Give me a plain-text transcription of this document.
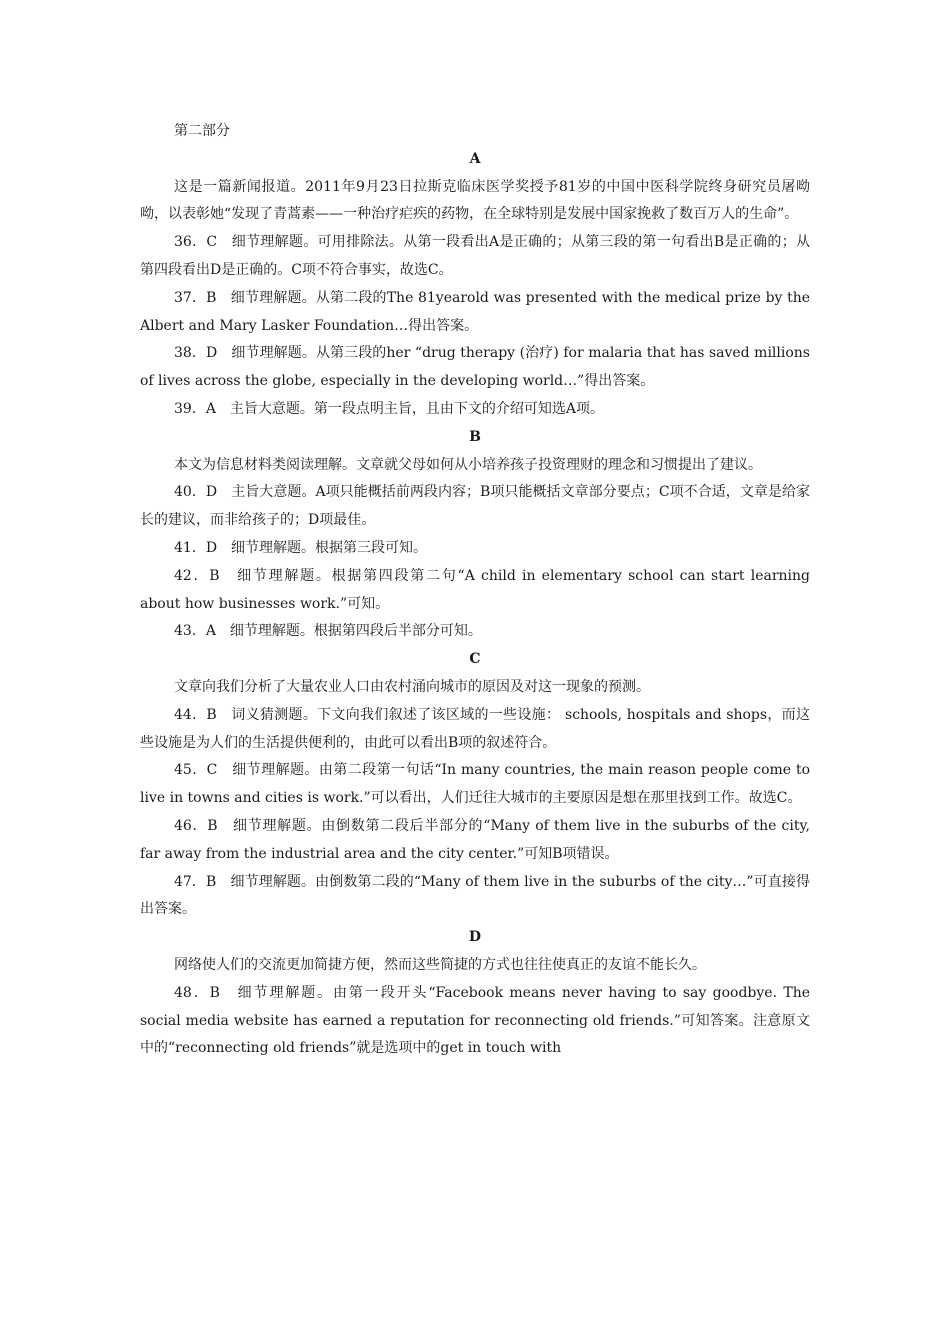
第二部分

A

这是一篇新闻报道。2011年9月23日拉斯克临床医学奖授予81岁的中国中医科学院终身研究员屠呦呦，以表彰她“发现了青蒿素——一种治疗疟疾的药物，在全球特别是发展中国家挽救了数百万人的生命”。

36．C　细节理解题。可用排除法。从第一段看出A是正确的；从第三段的第一句看出B是正确的；从第四段看出D是正确的。C项不符合事实，故选C。

37．B　细节理解题。从第二段的The 81yearold was presented with the medical prize by the Albert and Mary Lasker Foundation…得出答案。

38．D　细节理解题。从第三段的her “drug therapy (治疗) for malaria that has saved millions of lives across the globe, especially in the developing world…”得出答案。

39．A　主旨大意题。第一段点明主旨，且由下文的介绍可知选A项。

B

本文为信息材料类阅读理解。文章就父母如何从小培养孩子投资理财的理念和习惯提出了建议。

40．D　主旨大意题。A项只能概括前两段内容；B项只能概括文章部分要点；C项不合适，文章是给家长的建议，而非给孩子的；D项最佳。

41．D　细节理解题。根据第三段可知。

42．B　细节理解题。根据第四段第二句“A child in elementary school can start learning about how businesses work.”可知。

43．A　细节理解题。根据第四段后半部分可知。

C

文章向我们分析了大量农业人口由农村涌向城市的原因及对这一现象的预测。

44．B　词义猜测题。下文向我们叙述了该区域的一些设施： schools, hospitals and shops，而这些设施是为人们的生活提供便利的，由此可以看出B项的叙述符合。

45．C　细节理解题。由第二段第一句话“In many countries, the main reason people come to live in towns and cities is work.”可以看出，人们迁往大城市的主要原因是想在那里找到工作。故选C。

46．B　细节理解题。由倒数第二段后半部分的“Many of them live in the suburbs of the city, far away from the industrial area and the city center.”可知B项错误。

47．B　细节理解题。由倒数第二段的“Many of them live in the suburbs of the city…”可直接得出答案。

D

网络使人们的交流更加简捷方便，然而这些简捷的方式也往往使真正的友谊不能长久。

48．B　细节理解题。由第一段开头“Facebook means never having to say goodbye. The social media website has earned a reputation for reconnecting old friends.”可知答案。注意原文中的“reconnecting old friends”就是选项中的get in touch with
